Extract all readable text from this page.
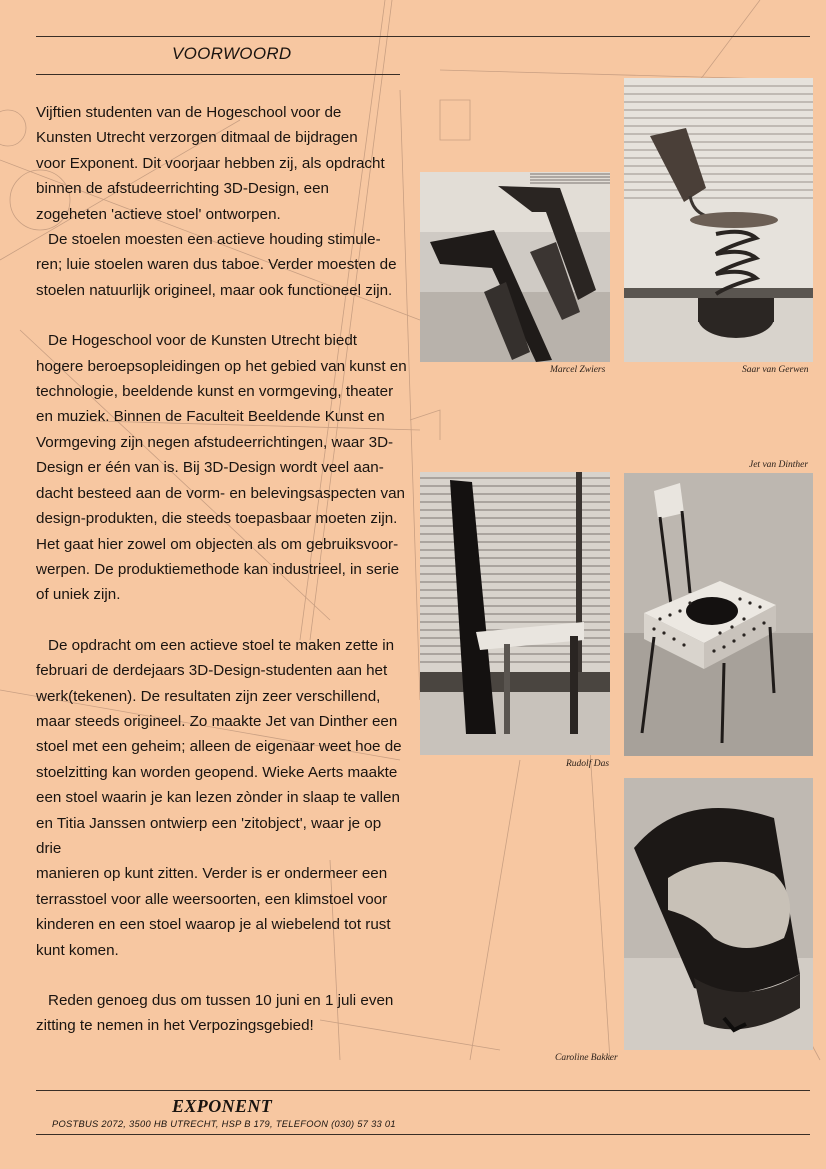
VOORWOORD

Vijftien studenten van de Hogeschool voor de
Kunsten Utrecht verzorgen ditmaal de bijdragen
voor Exponent. Dit voorjaar hebben zij, als opdracht
binnen de afstudeerrichting 3D-Design, een
zogeheten 'actieve stoel' ontworpen.
De stoelen moesten een actieve houding stimule-
ren; luie stoelen waren dus taboe. Verder moesten de
stoelen natuurlijk origineel, maar ook functioneel zijn.

De Hogeschool voor de Kunsten Utrecht biedt
hogere beroepsopleidingen op het gebied van kunst en
technologie, beeldende kunst en vormgeving, theater
en muziek. Binnen de Faculteit Beeldende Kunst en
Vormgeving zijn negen afstudeerrichtingen, waar 3D-
Design er één van is. Bij 3D-Design wordt veel aan-
dacht besteed aan de vorm- en belevingsaspecten van
design-produkten, die steeds toepasbaar moeten zijn.
Het gaat hier zowel om objecten als om gebruiksvoor-
werpen. De produktiemethode kan industrieel, in serie
of uniek zijn.

De opdracht om een actieve stoel te maken zette in
februari de derdejaars 3D-Design-studenten aan het
werk(tekenen). De resultaten zijn zeer verschillend,
maar steeds origineel. Zo maakte Jet van Dinther een
stoel met een geheim; alleen de eigenaar weet hoe de
stoelzitting kan worden geopend. Wieke Aerts maakte
een stoel waarin je kan lezen zònder in slaap te vallen
en Titia Janssen ontwierp een 'zitobject', waar je op drie
manieren op kunt zitten. Verder is er ondermeer een
terrasstoel voor alle weersoorten, een klimstoel voor
kinderen en een stoel waarop je al wiebelend tot rust
kunt komen.

Reden genoeg dus om tussen 10 juni en 1 juli even
zitting te nemen in het Verpozingsgebied!

Marcel Zwiers	Saar van Gerwen
Jet van Dinther
Rudolf Das
Caroline Bakker
EXPONENT
POSTBUS 2072, 3500 HB UTRECHT, HSP B 179, TELEFOON (030) 57 33 01
